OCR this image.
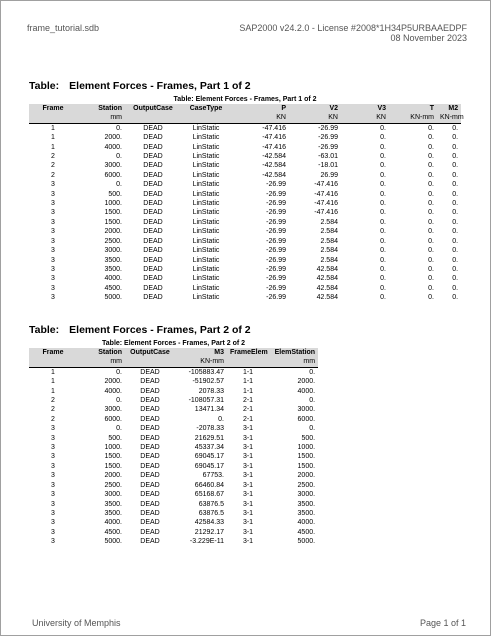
frame_tutorial.sdb	SAP2000 v24.2.0 - License #2008*1H34P5URBAAEDPF
08 November 2023
Table: Element Forces - Frames, Part 1 of 2
Table: Element Forces - Frames, Part 1 of 2								
Frame	Station	OutputCase	CaseType	P	V2	V3	T	M2
	mm			KN	KN	KN	KN-mm	KN-mm
1	0.	DEAD	LinStatic	-47.416	-26.99	0.	0.	0.
1	2000.	DEAD	LinStatic	-47.416	-26.99	0.	0.	0.
1	4000.	DEAD	LinStatic	-47.416	-26.99	0.	0.	0.
2	0.	DEAD	LinStatic	-42.584	-63.01	0.	0.	0.
2	3000.	DEAD	LinStatic	-42.584	-18.01	0.	0.	0.
2	6000.	DEAD	LinStatic	-42.584	26.99	0.	0.	0.
3	0.	DEAD	LinStatic	-26.99	-47.416	0.	0.	0.
3	500.	DEAD	LinStatic	-26.99	-47.416	0.	0.	0.
3	1000.	DEAD	LinStatic	-26.99	-47.416	0.	0.	0.
3	1500.	DEAD	LinStatic	-26.99	-47.416	0.	0.	0.
3	1500.	DEAD	LinStatic	-26.99	2.584	0.	0.	0.
3	2000.	DEAD	LinStatic	-26.99	2.584	0.	0.	0.
3	2500.	DEAD	LinStatic	-26.99	2.584	0.	0.	0.
3	3000.	DEAD	LinStatic	-26.99	2.584	0.	0.	0.
3	3500.	DEAD	LinStatic	-26.99	2.584	0.	0.	0.
3	3500.	DEAD	LinStatic	-26.99	42.584	0.	0.	0.
3	4000.	DEAD	LinStatic	-26.99	42.584	0.	0.	0.
3	4500.	DEAD	LinStatic	-26.99	42.584	0.	0.	0.
3	5000.	DEAD	LinStatic	-26.99	42.584	0.	0.	0.
Table: Element Forces - Frames, Part 2 of 2
Table: Element Forces - Frames, Part 2 of 2					
Frame	Station	OutputCase	M3	FrameElem	ElemStation
	mm		KN-mm		mm
1	0.	DEAD	-105883.47	1-1	0.
1	2000.	DEAD	-51902.57	1-1	2000.
1	4000.	DEAD	2078.33	1-1	4000.
2	0.	DEAD	-108057.31	2-1	0.
2	3000.	DEAD	13471.34	2-1	3000.
2	6000.	DEAD	0.	2-1	6000.
3	0.	DEAD	-2078.33	3-1	0.
3	500.	DEAD	21629.51	3-1	500.
3	1000.	DEAD	45337.34	3-1	1000.
3	1500.	DEAD	69045.17	3-1	1500.
3	1500.	DEAD	69045.17	3-1	1500.
3	2000.	DEAD	67753.	3-1	2000.
3	2500.	DEAD	66460.84	3-1	2500.
3	3000.	DEAD	65168.67	3-1	3000.
3	3500.	DEAD	63876.5	3-1	3500.
3	3500.	DEAD	63876.5	3-1	3500.
3	4000.	DEAD	42584.33	3-1	4000.
3	4500.	DEAD	21292.17	3-1	4500.
3	5000.	DEAD	-3.229E-11	3-1	5000.
University of Memphis	Page 1 of 1
